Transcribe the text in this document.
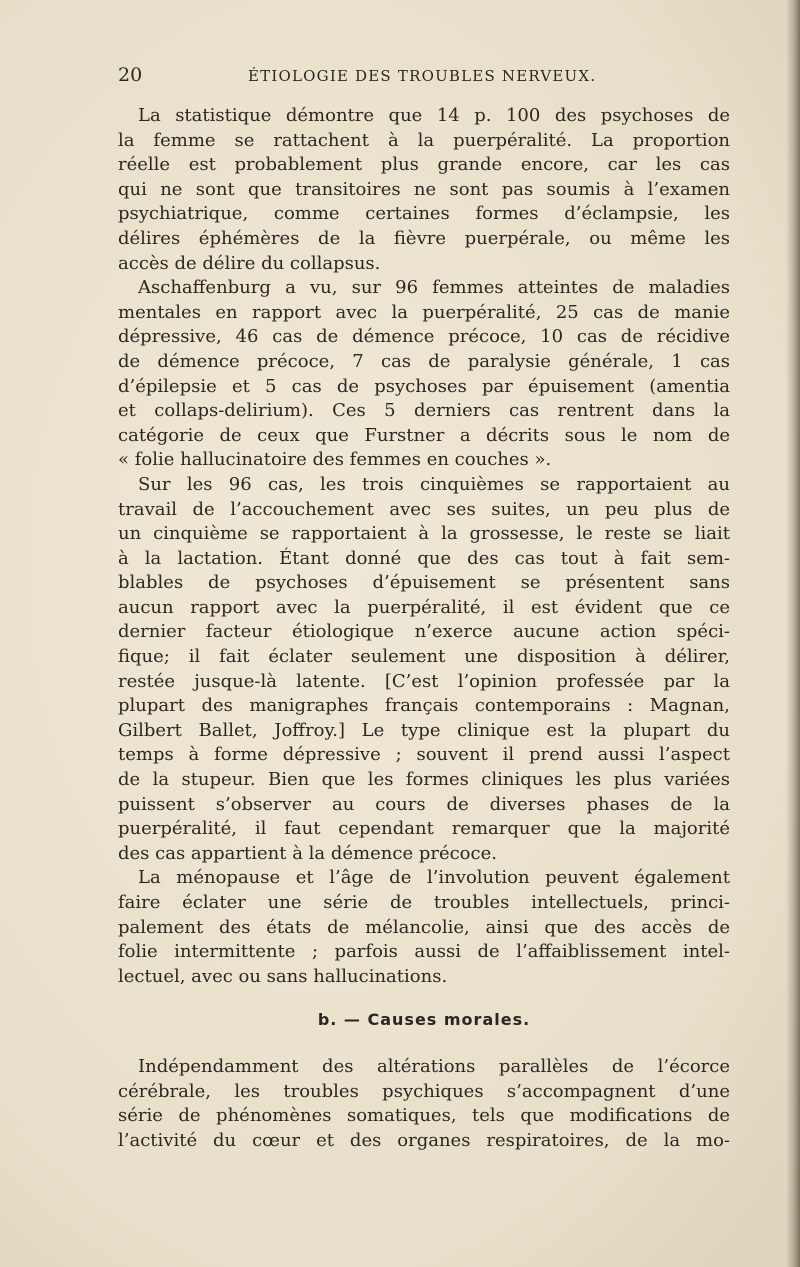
20	ÉTIOLOGIE DES TROUBLES NERVEUX.
La statistique démontre que 14 p. 100 des psychoses de
la femme se rattachent à la puerpéralité. La proportion
réelle est probablement plus grande encore, car les cas
qui ne sont que transitoires ne sont pas soumis à l’examen
psychiatrique, comme certaines formes d’éclampsie, les
délires éphémères de la fièvre puerpérale, ou même les
accès de délire du collapsus.
Aschaffenburg a vu, sur 96 femmes atteintes de maladies
mentales en rapport avec la puerpéralité, 25 cas de manie
dépressive, 46 cas de démence précoce, 10 cas de récidive
de démence précoce, 7 cas de paralysie générale, 1 cas
d’épilepsie et 5 cas de psychoses par épuisement (amentia
et collaps-delirium). Ces 5 derniers cas rentrent dans la
catégorie de ceux que Furstner a décrits sous le nom de
« folie hallucinatoire des femmes en couches ».
Sur les 96 cas, les trois cinquièmes se rapportaient au
travail de l’accouchement avec ses suites, un peu plus de
un cinquième se rapportaient à la grossesse, le reste se liait
à la lactation. Étant donné que des cas tout à fait sem-
blables de psychoses d’épuisement se présentent sans
aucun rapport avec la puerpéralité, il est évident que ce
dernier facteur étiologique n’exerce aucune action spéci-
fique; il fait éclater seulement une disposition à délirer,
restée jusque-là latente. [C’est l’opinion professée par la
plupart des manigraphes français contemporains : Magnan,
Gilbert Ballet, Joffroy.] Le type clinique est la plupart du
temps à forme dépressive ; souvent il prend aussi l’aspect
de la stupeur. Bien que les formes cliniques les plus variées
puissent s’observer au cours de diverses phases de la
puerpéralité, il faut cependant remarquer que la majorité
des cas appartient à la démence précoce.
La ménopause et l’âge de l’involution peuvent également
faire éclater une série de troubles intellectuels, princi-
palement des états de mélancolie, ainsi que des accès de
folie intermittente ; parfois aussi de l’affaiblissement intel-
lectuel, avec ou sans hallucinations.
b. — Causes morales.
Indépendamment des altérations parallèles de l’écorce
cérébrale, les troubles psychiques s’accompagnent d’une
série de phénomènes somatiques, tels que modifications de
l’activité du cœur et des organes respiratoires, de la mo-
